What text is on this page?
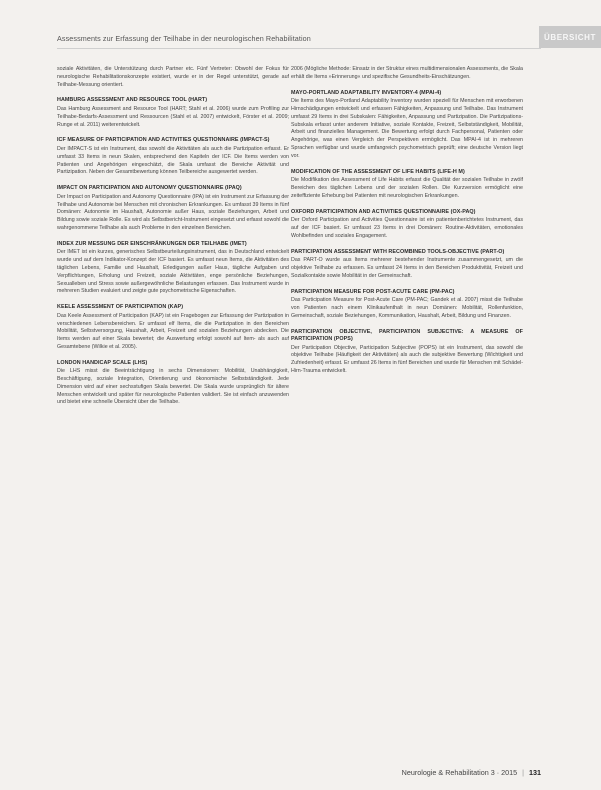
Assessments zur Erfassung der Teilhabe in der neurologischen Rehabilitation	ÜBERSICHT

soziale Aktivitäten, die Unterstützung durch Partner etc. Fünf Vertreter: Obwohl der Fokus für neurologische Rehabilitationskonzepte existiert, wurde er in der Regel unterstützt, gerade auf Teilhabe-Messung orientiert.

HAMBURG ASSESSMENT AND RESOURCE TOOL (HART)

Das Hamburg Assessment and Resource Tool (HART; Stahl et al. 2006) wurde zum Profiling zur Teilhabe-Bedarfs-Assessment und Ressourcen (Stahl et al. 2007) entwickelt, Förster et al. 2009; Runge et al. 2011) weiterentwickelt.

ICF MEASURE OF PARTICIPATION AND ACTIVITIES QUESTIONNAIRE (IMPACT-S)

Der IMPACT-S ist ein Instrument, das sowohl die Aktivitäten als auch die Partizipation erfasst. Er umfasst 33 Items in neun Skalen, entsprechend den Kapiteln der ICF. Die Items werden von Patienten und Angehörigen eingeschätzt, die Skala umfasst die Bereiche Aktivität und Partizipation. Neben der Gesamtbewertung können Teilbereiche ausgewertet werden.

IMPACT ON PARTICIPATION AND AUTONOMY QUESTIONNAIRE (IPAQ)

Der Impact on Participation and Autonomy Questionnaire (IPA) ist ein Instrument zur Erfassung der Teilhabe und Autonomie bei Menschen mit chronischen Erkrankungen. Es umfasst 39 Items in fünf Domänen: Autonomie im Haushalt, Autonomie außer Haus, soziale Beziehungen, Arbeit und Bildung sowie soziale Rolle. Es wird als Selbstbericht-Instrument eingesetzt und erfasst sowohl die wahrgenommene Teilhabe als auch Probleme in den einzelnen Bereichen.

INDEX ZUR MESSUNG DER EINSCHRÄNKUNGEN DER TEILHABE (IMET)

Der IMET ist ein kurzes, generisches Selbstbeurteilungsinstrument, das in Deutschland entwickelt wurde und auf dem Indikator-Konzept der ICF basiert. Es umfasst neun Items, die Aktivitäten des täglichen Lebens, Familie und Haushalt, Erledigungen außer Haus, tägliche Aufgaben und Verpflichtungen, Erholung und Freizeit, soziale Aktivitäten, enge persönliche Beziehungen, Sexualleben und Stress sowie außergewöhnliche Belastungen erfassen. Das Instrument wurde in mehreren Studien evaluiert und zeigte gute psychometrische Eigenschaften.

KEELE ASSESSMENT OF PARTICIPATION (KAP)

Das Keele Assessment of Participation (KAP) ist ein Fragebogen zur Erfassung der Partizipation in verschiedenen Lebensbereichen. Er umfasst elf Items, die die Partizipation in den Bereichen Mobilität, Selbstversorgung, Haushalt, Arbeit, Freizeit und sozialen Beziehungen abdecken. Die Items werden auf einer Skala bewertet; die Auswertung erfolgt sowohl auf Item- als auch auf Gesamtebene (Wilkie et al. 2005).

LONDON HANDICAP SCALE (LHS)

Die LHS misst die Beeinträchtigung in sechs Dimensionen: Mobilität, Unabhängigkeit, Beschäftigung, soziale Integration, Orientierung und ökonomische Selbstständigkeit. Jede Dimension wird auf einer sechsstufigen Skala bewertet. Die Skala wurde ursprünglich für ältere Menschen entwickelt und später für neurologische Patienten validiert. Sie ist einfach anzuwenden und bietet eine schnelle Übersicht über die Teilhabe.

2006 (Mögliche Methode: Einsatz in der Struktur eines multidimensionalen Assessments, die Skala erhält die Items »Erinnerung« und spezifische Gesundheits-Einschätzungen.

MAYO-PORTLAND ADAPTABILITY INVENTORY-4 (MPAI-4)

Die Items des Mayo-Portland Adaptability Inventory wurden speziell für Menschen mit erworbenen Hirnschädigungen entwickelt und erfassen Fähigkeiten, Anpassung und Teilhabe. Das Instrument umfasst 29 Items in drei Subskalen: Fähigkeiten, Anpassung und Partizipation. Die Partizipations-Subskala erfasst unter anderem Initiative, soziale Kontakte, Freizeit, Selbstständigkeit, Mobilität, Arbeit und finanzielles Management. Die Bewertung erfolgt durch Fachpersonal, Patienten oder Angehörige, was einen Vergleich der Perspektiven ermöglicht. Das MPAI-4 ist in mehreren Sprachen verfügbar und wurde umfangreich psychometrisch geprüft; eine deutsche Version liegt vor.

MODIFICATION OF THE ASSESSMENT OF LIFE HABITS (LIFE-H M)

Die Modifikation des Assessment of Life Habits erfasst die Qualität der sozialen Teilhabe in zwölf Bereichen des täglichen Lebens und der sozialen Rollen. Die Kurzversion ermöglicht eine zeiteffiziente Erhebung bei Patienten mit neurologischen Erkrankungen.

OXFORD PARTICIPATION AND ACTIVITIES QUESTIONNAIRE (OX-PAQ)

Der Oxford Participation and Activities Questionnaire ist ein patientenberichtetes Instrument, das auf der ICF basiert. Er umfasst 23 Items in drei Domänen: Routine-Aktivitäten, emotionales Wohlbefinden und soziales Engagement.

PARTICIPATION ASSESSMENT WITH RECOMBINED TOOLS-OBJECTIVE (PART-O)

Das PART-O wurde aus Items mehrerer bestehender Instrumente zusammengesetzt, um die objektive Teilhabe zu erfassen. Es umfasst 24 Items in den Bereichen Produktivität, Freizeit und Sozialkontakte sowie Mobilität in der Gemeinschaft.

PARTICIPATION MEASURE FOR POST-ACUTE CARE (PM-PAC)

Das Participation Measure for Post-Acute Care (PM-PAC; Gandek et al. 2007) misst die Teilhabe von Patienten nach einem Klinikaufenthalt in neun Domänen: Mobilität, Rollenfunktion, Gemeinschaft, soziale Beziehungen, Kommunikation, Haushalt, Arbeit, Bildung und Finanzen.

PARTICIPATION OBJECTIVE, PARTICIPATION SUBJECTIVE: A MEASURE OF PARTICIPATION (POPS)

Der Participation Objective, Participation Subjective (POPS) ist ein Instrument, das sowohl die objektive Teilhabe (Häufigkeit der Aktivitäten) als auch die subjektive Bewertung (Wichtigkeit und Zufriedenheit) erfasst. Er umfasst 26 Items in fünf Bereichen und wurde für Menschen mit Schädel-Hirn-Trauma entwickelt.

Neurologie & Rehabilitation 3 · 2015 | 131
